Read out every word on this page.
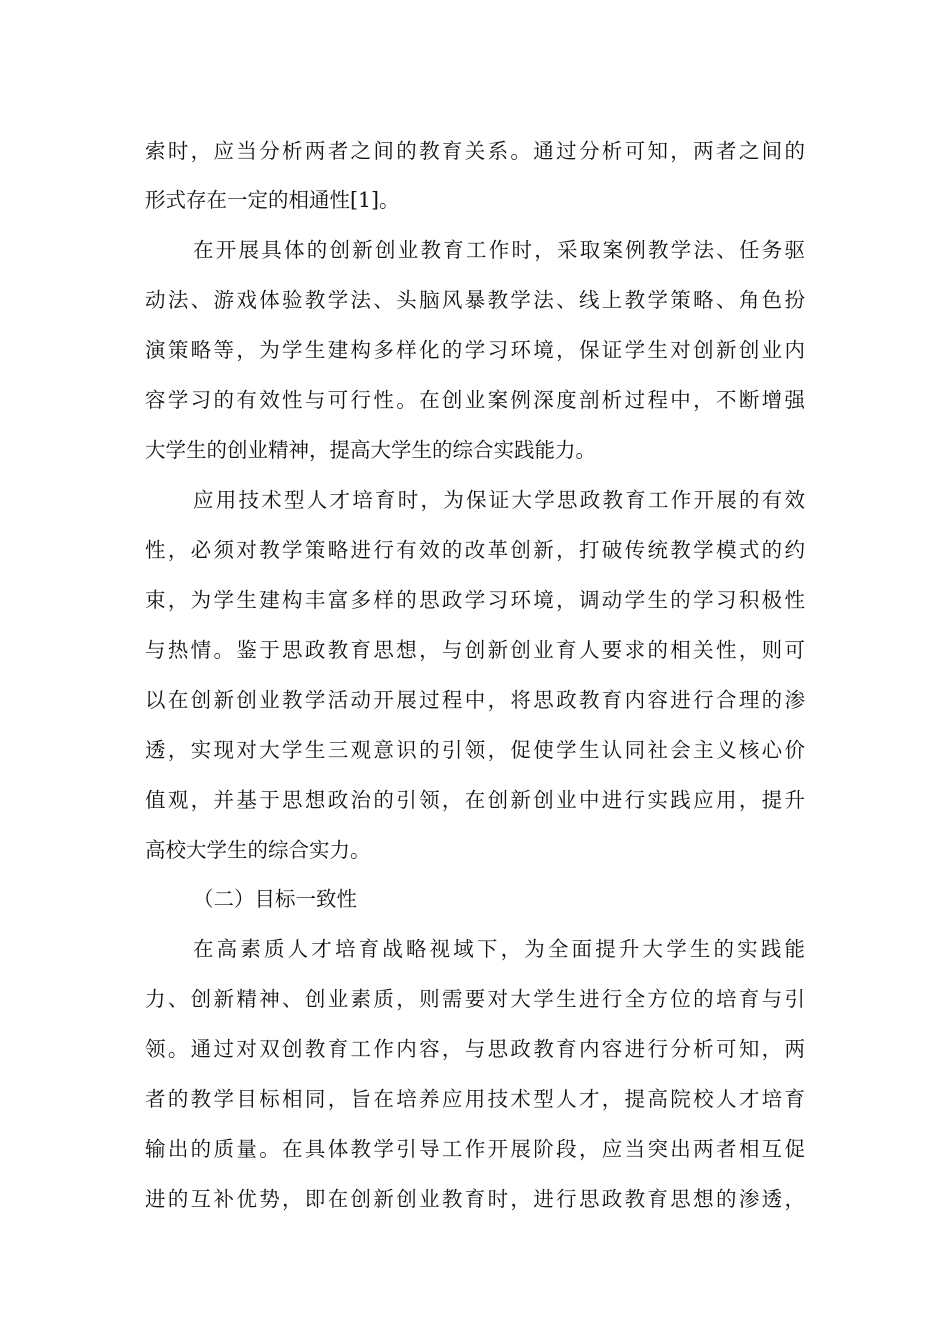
索时，应当分析两者之间的教育关系。通过分析可知，两者之间的
形式存在一定的相通性[1]。
在开展具体的创新创业教育工作时，采取案例教学法、任务驱
动法、游戏体验教学法、头脑风暴教学法、线上教学策略、角色扮
演策略等，为学生建构多样化的学习环境，保证学生对创新创业内
容学习的有效性与可行性。在创业案例深度剖析过程中，不断增强
大学生的创业精神，提高大学生的综合实践能力。
应用技术型人才培育时，为保证大学思政教育工作开展的有效
性，必须对教学策略进行有效的改革创新，打破传统教学模式的约
束，为学生建构丰富多样的思政学习环境，调动学生的学习积极性
与热情。鉴于思政教育思想，与创新创业育人要求的相关性，则可
以在创新创业教学活动开展过程中，将思政教育内容进行合理的渗
透，实现对大学生三观意识的引领，促使学生认同社会主义核心价
值观，并基于思想政治的引领，在创新创业中进行实践应用，提升
高校大学生的综合实力。
（二）目标一致性
在高素质人才培育战略视域下，为全面提升大学生的实践能
力、创新精神、创业素质，则需要对大学生进行全方位的培育与引
领。通过对双创教育工作内容，与思政教育内容进行分析可知，两
者的教学目标相同，旨在培养应用技术型人才，提高院校人才培育
输出的质量。在具体教学引导工作开展阶段，应当突出两者相互促
进的互补优势，即在创新创业教育时，进行思政教育思想的渗透，
